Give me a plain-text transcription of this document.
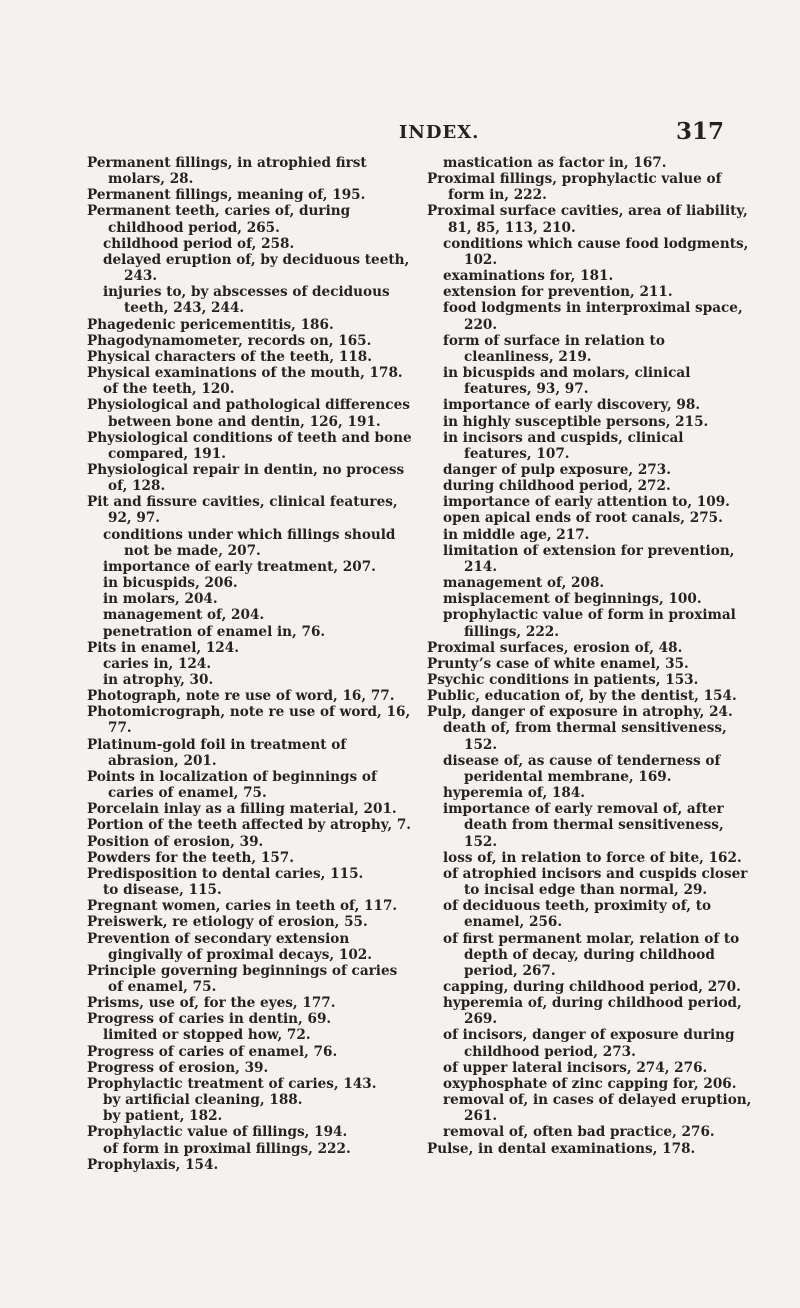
INDEX.	317
Permanent fillings, in atrophied first molars, 28.
Permanent fillings, meaning of, 195.
Permanent teeth, caries of, during childhood period, 265.
childhood period of, 258.
delayed eruption of, by deciduous teeth, 243.
injuries to, by abscesses of deciduous teeth, 243, 244.
Phagedenic pericementitis, 186.
Phagodynamometer, records on, 165.
Physical characters of the teeth, 118.
Physical examinations of the mouth, 178.
of the teeth, 120.
Physiological and pathological differences between bone and dentin, 126, 191.
Physiological conditions of teeth and bone compared, 191.
Physiological repair in dentin, no process of, 128.
Pit and fissure cavities, clinical features, 92, 97.
conditions under which fillings should not be made, 207.
importance of early treatment, 207.
in bicuspids, 206.
in molars, 204.
management of, 204.
penetration of enamel in, 76.
Pits in enamel, 124.
caries in, 124.
in atrophy, 30.
Photograph, note re use of word, 16, 77.
Photomicrograph, note re use of word, 16, 77.
Platinum-gold foil in treatment of abrasion, 201.
Points in localization of beginnings of caries of enamel, 75.
Porcelain inlay as a filling material, 201.
Portion of the teeth affected by atrophy, 7.
Position of erosion, 39.
Powders for the teeth, 157.
Predisposition to dental caries, 115.
to disease, 115.
Pregnant women, caries in teeth of, 117.
Preiswerk, re etiology of erosion, 55.
Prevention of secondary extension gingivally of proximal decays, 102.
Principle governing beginnings of caries of enamel, 75.
Prisms, use of, for the eyes, 177.
Progress of caries in dentin, 69.
limited or stopped how, 72.
Progress of caries of enamel, 76.
Progress of erosion, 39.
Prophylactic treatment of caries, 143.
by artificial cleaning, 188.
by patient, 182.
Prophylactic value of fillings, 194.
of form in proximal fillings, 222.
Prophylaxis, 154.
mastication as factor in, 167.
Proximal fillings, prophylactic value of form in, 222.
Proximal surface cavities, area of liability, 81, 85, 113, 210.
conditions which cause food lodgments, 102.
examinations for, 181.
extension for prevention, 211.
food lodgments in interproximal space, 220.
form of surface in relation to cleanliness, 219.
in bicuspids and molars, clinical features, 93, 97.
importance of early discovery, 98.
in highly susceptible persons, 215.
in incisors and cuspids, clinical features, 107.
danger of pulp exposure, 273.
during childhood period, 272.
importance of early attention to, 109.
open apical ends of root canals, 275.
in middle age, 217.
limitation of extension for prevention, 214.
management of, 208.
misplacement of beginnings, 100.
prophylactic value of form in proximal fillings, 222.
Proximal surfaces, erosion of, 48.
Prunty’s case of white enamel, 35.
Psychic conditions in patients, 153.
Public, education of, by the dentist, 154.
Pulp, danger of exposure in atrophy, 24.
death of, from thermal sensitiveness, 152.
disease of, as cause of tenderness of peridental membrane, 169.
hyperemia of, 184.
importance of early removal of, after death from thermal sensitiveness, 152.
loss of, in relation to force of bite, 162.
of atrophied incisors and cuspids closer to incisal edge than normal, 29.
of deciduous teeth, proximity of, to enamel, 256.
of first permanent molar, relation of to depth of decay, during childhood period, 267.
capping, during childhood period, 270.
hyperemia of, during childhood period, 269.
of incisors, danger of exposure during childhood period, 273.
of upper lateral incisors, 274, 276.
oxyphosphate of zinc capping for, 206.
removal of, in cases of delayed eruption, 261.
removal of, often bad practice, 276.
Pulse, in dental examinations, 178.
